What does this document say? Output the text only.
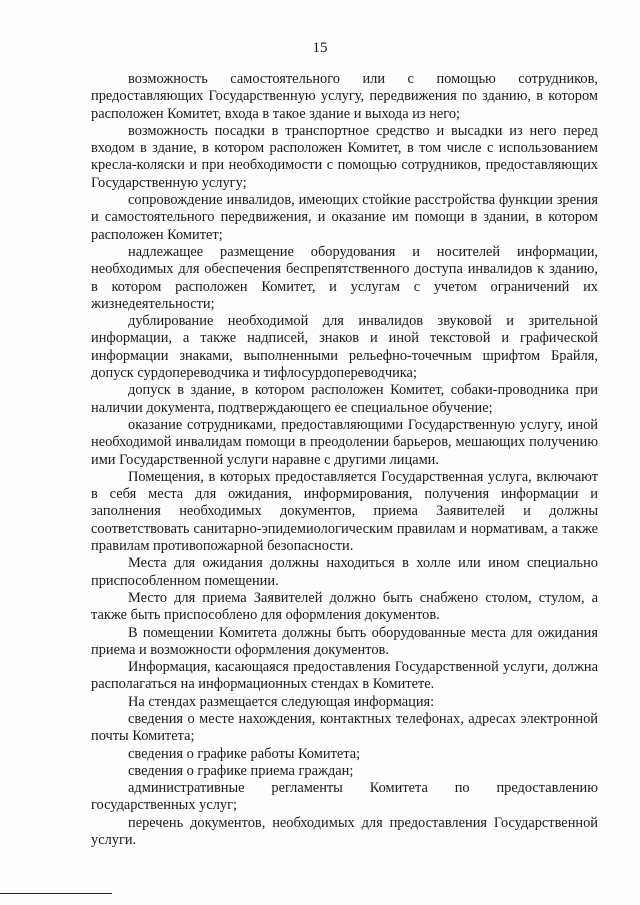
15

возможность самостоятельного или с помощью сотрудников, предоставляющих Государственную услугу, передвижения по зданию, в котором расположен Комитет, входа в такое здание и выхода из него;

возможность посадки в транспортное средство и высадки из него перед входом в здание, в котором расположен Комитет, в том числе с использованием кресла-коляски и при необходимости с помощью сотрудников, предоставляющих Государственную услугу;

сопровождение инвалидов, имеющих стойкие расстройства функции зрения и самостоятельного передвижения, и оказание им помощи в здании, в котором расположен Комитет;

надлежащее размещение оборудования и носителей информации, необходимых для обеспечения беспрепятственного доступа инвалидов к зданию, в котором расположен Комитет, и услугам с учетом ограничений их жизнедеятельности;

дублирование необходимой для инвалидов звуковой и зрительной информации, а также надписей, знаков и иной текстовой и графической информации знаками, выполненными рельефно-точечным шрифтом Брайля, допуск сурдопереводчика и тифлосурдопереводчика;

допуск в здание, в котором расположен Комитет, собаки-проводника при наличии документа, подтверждающего ее специальное обучение;

оказание сотрудниками, предоставляющими Государственную услугу, иной необходимой инвалидам помощи в преодолении барьеров, мешающих получению ими Государственной услуги наравне с другими лицами.

Помещения, в которых предоставляется Государственная услуга, включают в себя места для ожидания, информирования, получения информации и заполнения необходимых документов, приема Заявителей и должны соответствовать санитарно-эпидемиологическим правилам и нормативам, а также правилам противопожарной безопасности.

Места для ожидания должны находиться в холле или ином специально приспособленном помещении.

Место для приема Заявителей должно быть снабжено столом, стулом, а также быть приспособлено для оформления документов.

В помещении Комитета должны быть оборудованные места для ожидания приема и возможности оформления документов.

Информация, касающаяся предоставления Государственной услуги, должна располагаться на информационных стендах в Комитете.

На стендах размещается следующая информация:

сведения о месте нахождения, контактных телефонах, адресах электронной почты Комитета;

сведения о графике работы Комитета;

сведения о графике приема граждан;

административные регламенты Комитета по предоставлению государственных услуг;

перечень документов, необходимых для предоставления Государственной услуги.
